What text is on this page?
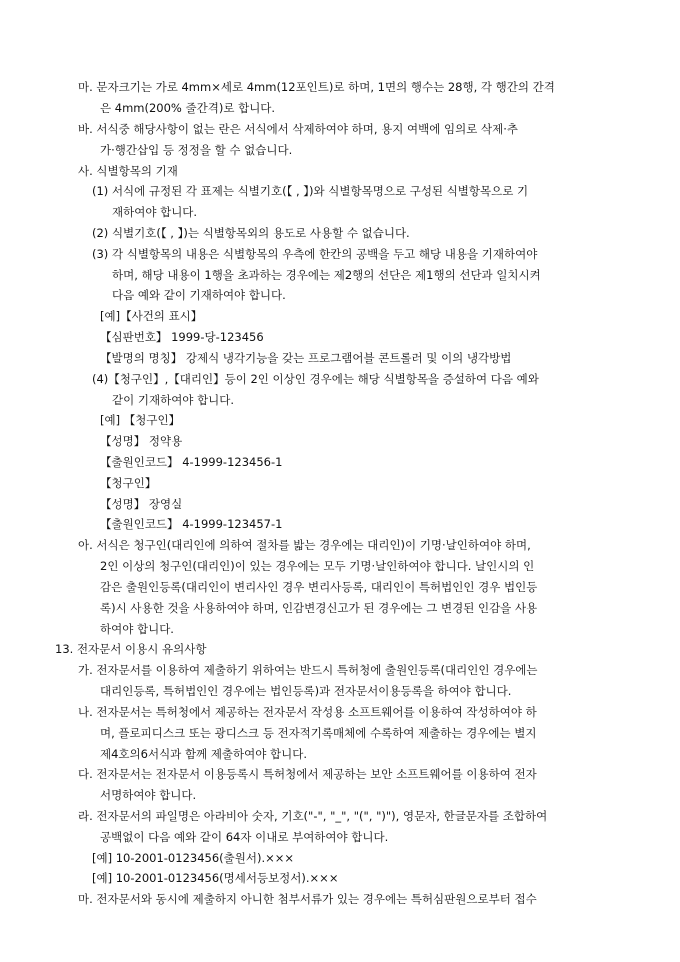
마. 문자크기는 가로 4mm×세로 4mm(12포인트)로 하며, 1면의 행수는 28행, 각 행간의 간격
은 4mm(200% 줄간격)로 합니다.
바. 서식중 해당사항이 없는 란은 서식에서 삭제하여야 하며, 용지 여백에 임의로 삭제·추
가·행간삽입 등 정정을 할 수 없습니다.
사. 식별항목의 기재
(1) 서식에 규정된 각 표제는 식별기호(【 , 】)와 식별항목명으로 구성된 식별항목으로 기
재하여야 합니다.
(2) 식별기호(【 , 】)는 식별항목외의 용도로 사용할 수 없습니다.
(3) 각 식별항목의 내용은 식별항목의 우측에 한칸의 공백을 두고 해당 내용을 기재하여야
하며, 해당 내용이 1행을 초과하는 경우에는 제2행의 선단은 제1행의 선단과 일치시켜
다음 예와 같이 기재하여야 합니다.
[예]【사건의 표시】
【심판번호】 1999-당-123456
【발명의 명칭】 강제식 냉각기능을 갖는 프로그램어블 콘트롤러 및 이의 냉각방법
(4)【청구인】,【대리인】등이 2인 이상인 경우에는 해당 식별항목을 증설하여 다음 예와
같이 기재하여야 합니다.
[예] 【청구인】
【성명】 정약용
【출원인코드】 4-1999-123456-1
【청구인】
【성명】 장영실
【출원인코드】 4-1999-123457-1
아. 서식은 청구인(대리인에 의하여 절차를 밟는 경우에는 대리인)이 기명·날인하여야 하며,
2인 이상의 청구인(대리인)이 있는 경우에는 모두 기명·날인하여야 합니다. 날인시의 인
감은 출원인등록(대리인이 변리사인 경우 변리사등록, 대리인이 특허법인인 경우 법인등
록)시 사용한 것을 사용하여야 하며, 인감변경신고가 된 경우에는 그 변경된 인감을 사용
하여야 합니다.
13. 전자문서 이용시 유의사항
가. 전자문서를 이용하여 제출하기 위하여는 반드시 특허청에 출원인등록(대리인인 경우에는
대리인등록, 특허법인인 경우에는 법인등록)과 전자문서이용등록을 하여야 합니다.
나. 전자문서는 특허청에서 제공하는 전자문서 작성용 소프트웨어를 이용하여 작성하여야 하
며, 플로피디스크 또는 광디스크 등 전자적기록매체에 수록하여 제출하는 경우에는 별지
제4호의6서식과 함께 제출하여야 합니다.
다. 전자문서는 전자문서 이용등록시 특허청에서 제공하는 보안 소프트웨어를 이용하여 전자
서명하여야 합니다.
라. 전자문서의 파일명은 아라비아 숫자, 기호("-", "_", "(", ")"), 영문자, 한글문자를 조합하여
공백없이 다음 예와 같이 64자 이내로 부여하여야 합니다.
[예] 10-2001-0123456(출원서).×××
[예] 10-2001-0123456(명세서등보정서).×××
마. 전자문서와 동시에 제출하지 아니한 첨부서류가 있는 경우에는 특허심판원으로부터 접수
